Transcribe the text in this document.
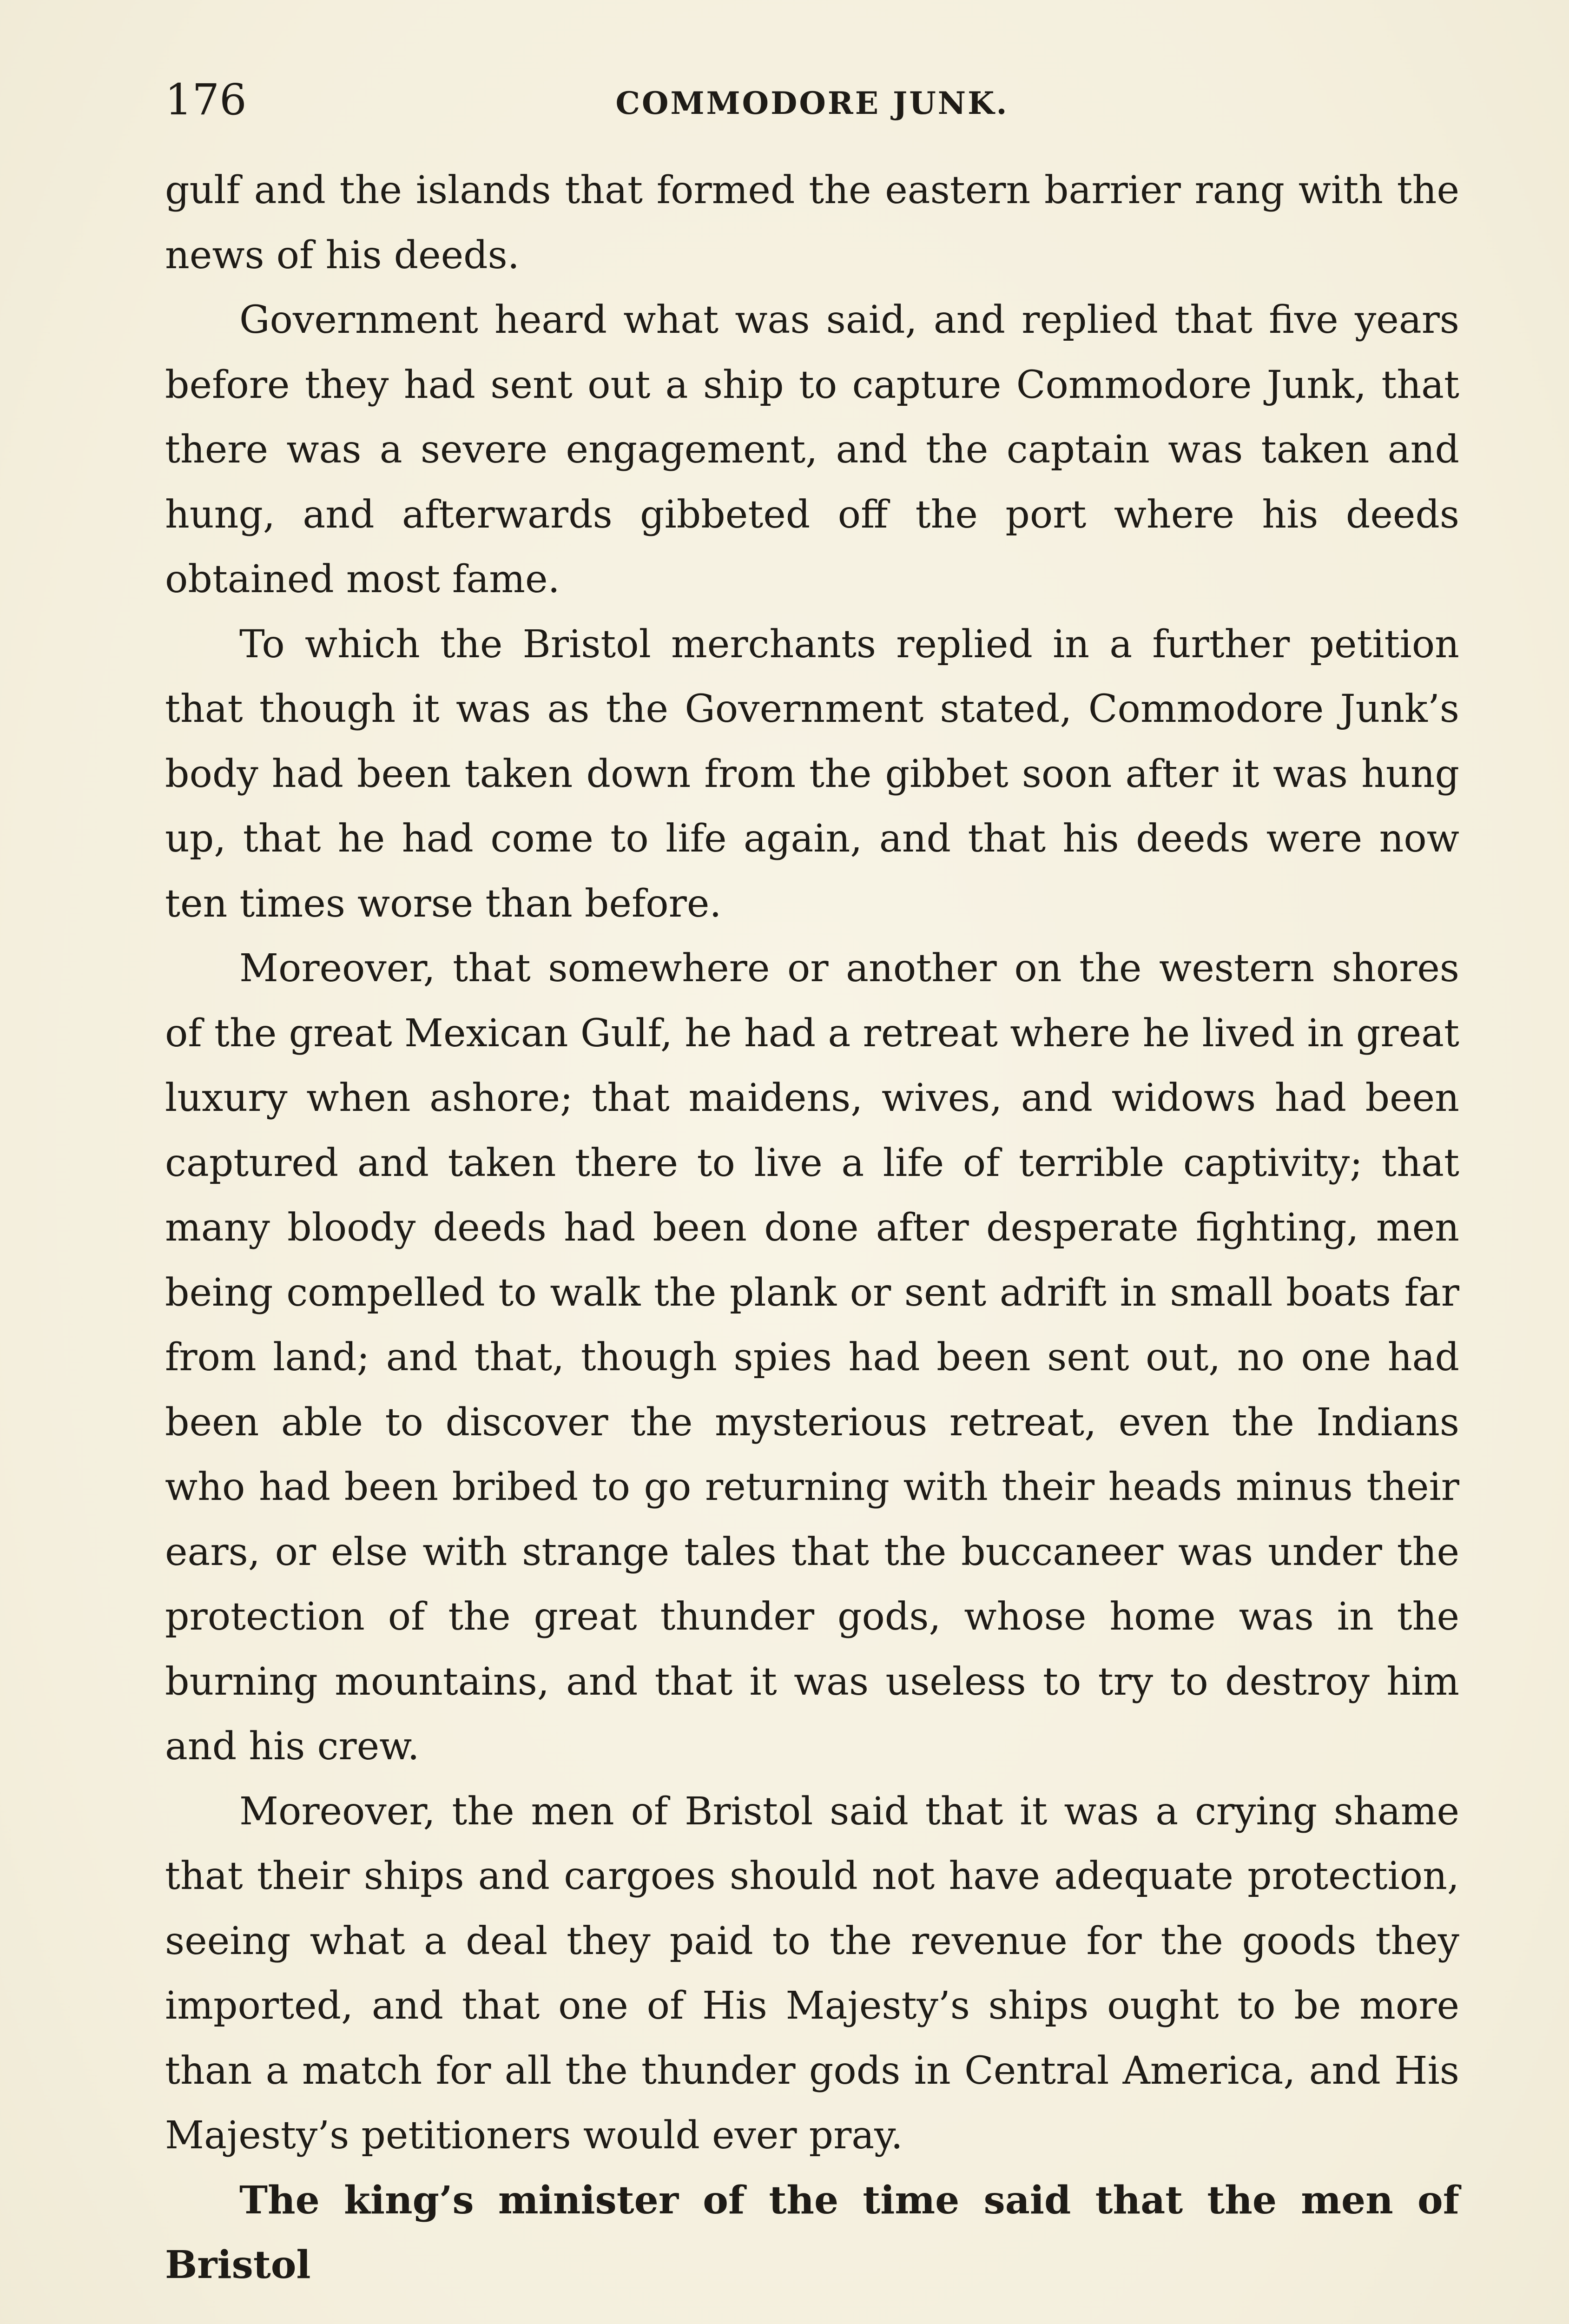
176	COMMODORE JUNK.

gulf and the islands that formed the eastern barrier rang with the news of his deeds.

Government heard what was said, and replied that five years before they had sent out a ship to capture Commodore Junk, that there was a severe engagement, and the captain was taken and hung, and afterwards gibbeted off the port where his deeds obtained most fame.

To which the Bristol merchants replied in a further petition that though it was as the Government stated, Commodore Junk’s body had been taken down from the gibbet soon after it was hung up, that he had come to life again, and that his deeds were now ten times worse than before.

Moreover, that somewhere or another on the western shores of the great Mexican Gulf, he had a retreat where he lived in great luxury when ashore; that maidens, wives, and widows had been captured and taken there to live a life of terrible captivity; that many bloody deeds had been done after desperate fighting, men being compelled to walk the plank or sent adrift in small boats far from land; and that, though spies had been sent out, no one had been able to discover the mysterious retreat, even the Indians who had been bribed to go returning with their heads minus their ears, or else with strange tales that the buccaneer was under the protection of the great thunder gods, whose home was in the burning mountains, and that it was useless to try to destroy him and his crew.

Moreover, the men of Bristol said that it was a crying shame that their ships and cargoes should not have adequate protection, seeing what a deal they paid to the revenue for the goods they imported, and that one of His Majesty’s ships ought to be more than a match for all the thunder gods in Central America, and His Majesty’s petitioners would ever pray.

The king’s minister of the time said that the men of Bristol
